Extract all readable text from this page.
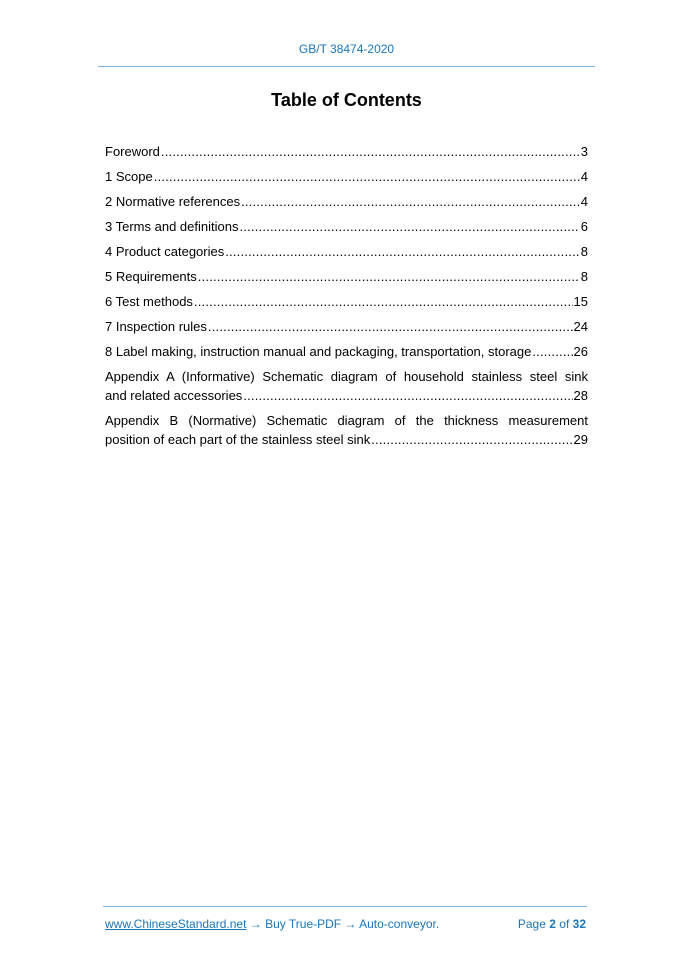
GB/T 38474-2020
Table of Contents
Foreword .....	3
1 Scope .....	4
2 Normative references .....	4
3 Terms and definitions .....	6
4 Product categories .....	8
5 Requirements .....	8
6 Test methods .....	15
7 Inspection rules .....	24
8 Label making, instruction manual and packaging, transportation, storage .....	26
Appendix A (Informative) Schematic diagram of household stainless steel sink
and related accessories .....	28
Appendix B (Normative) Schematic diagram of the thickness measurement
position of each part of the stainless steel sink .....	29
www.ChineseStandard.net → Buy True-PDF → Auto-conveyor.	Page 2 of 32
